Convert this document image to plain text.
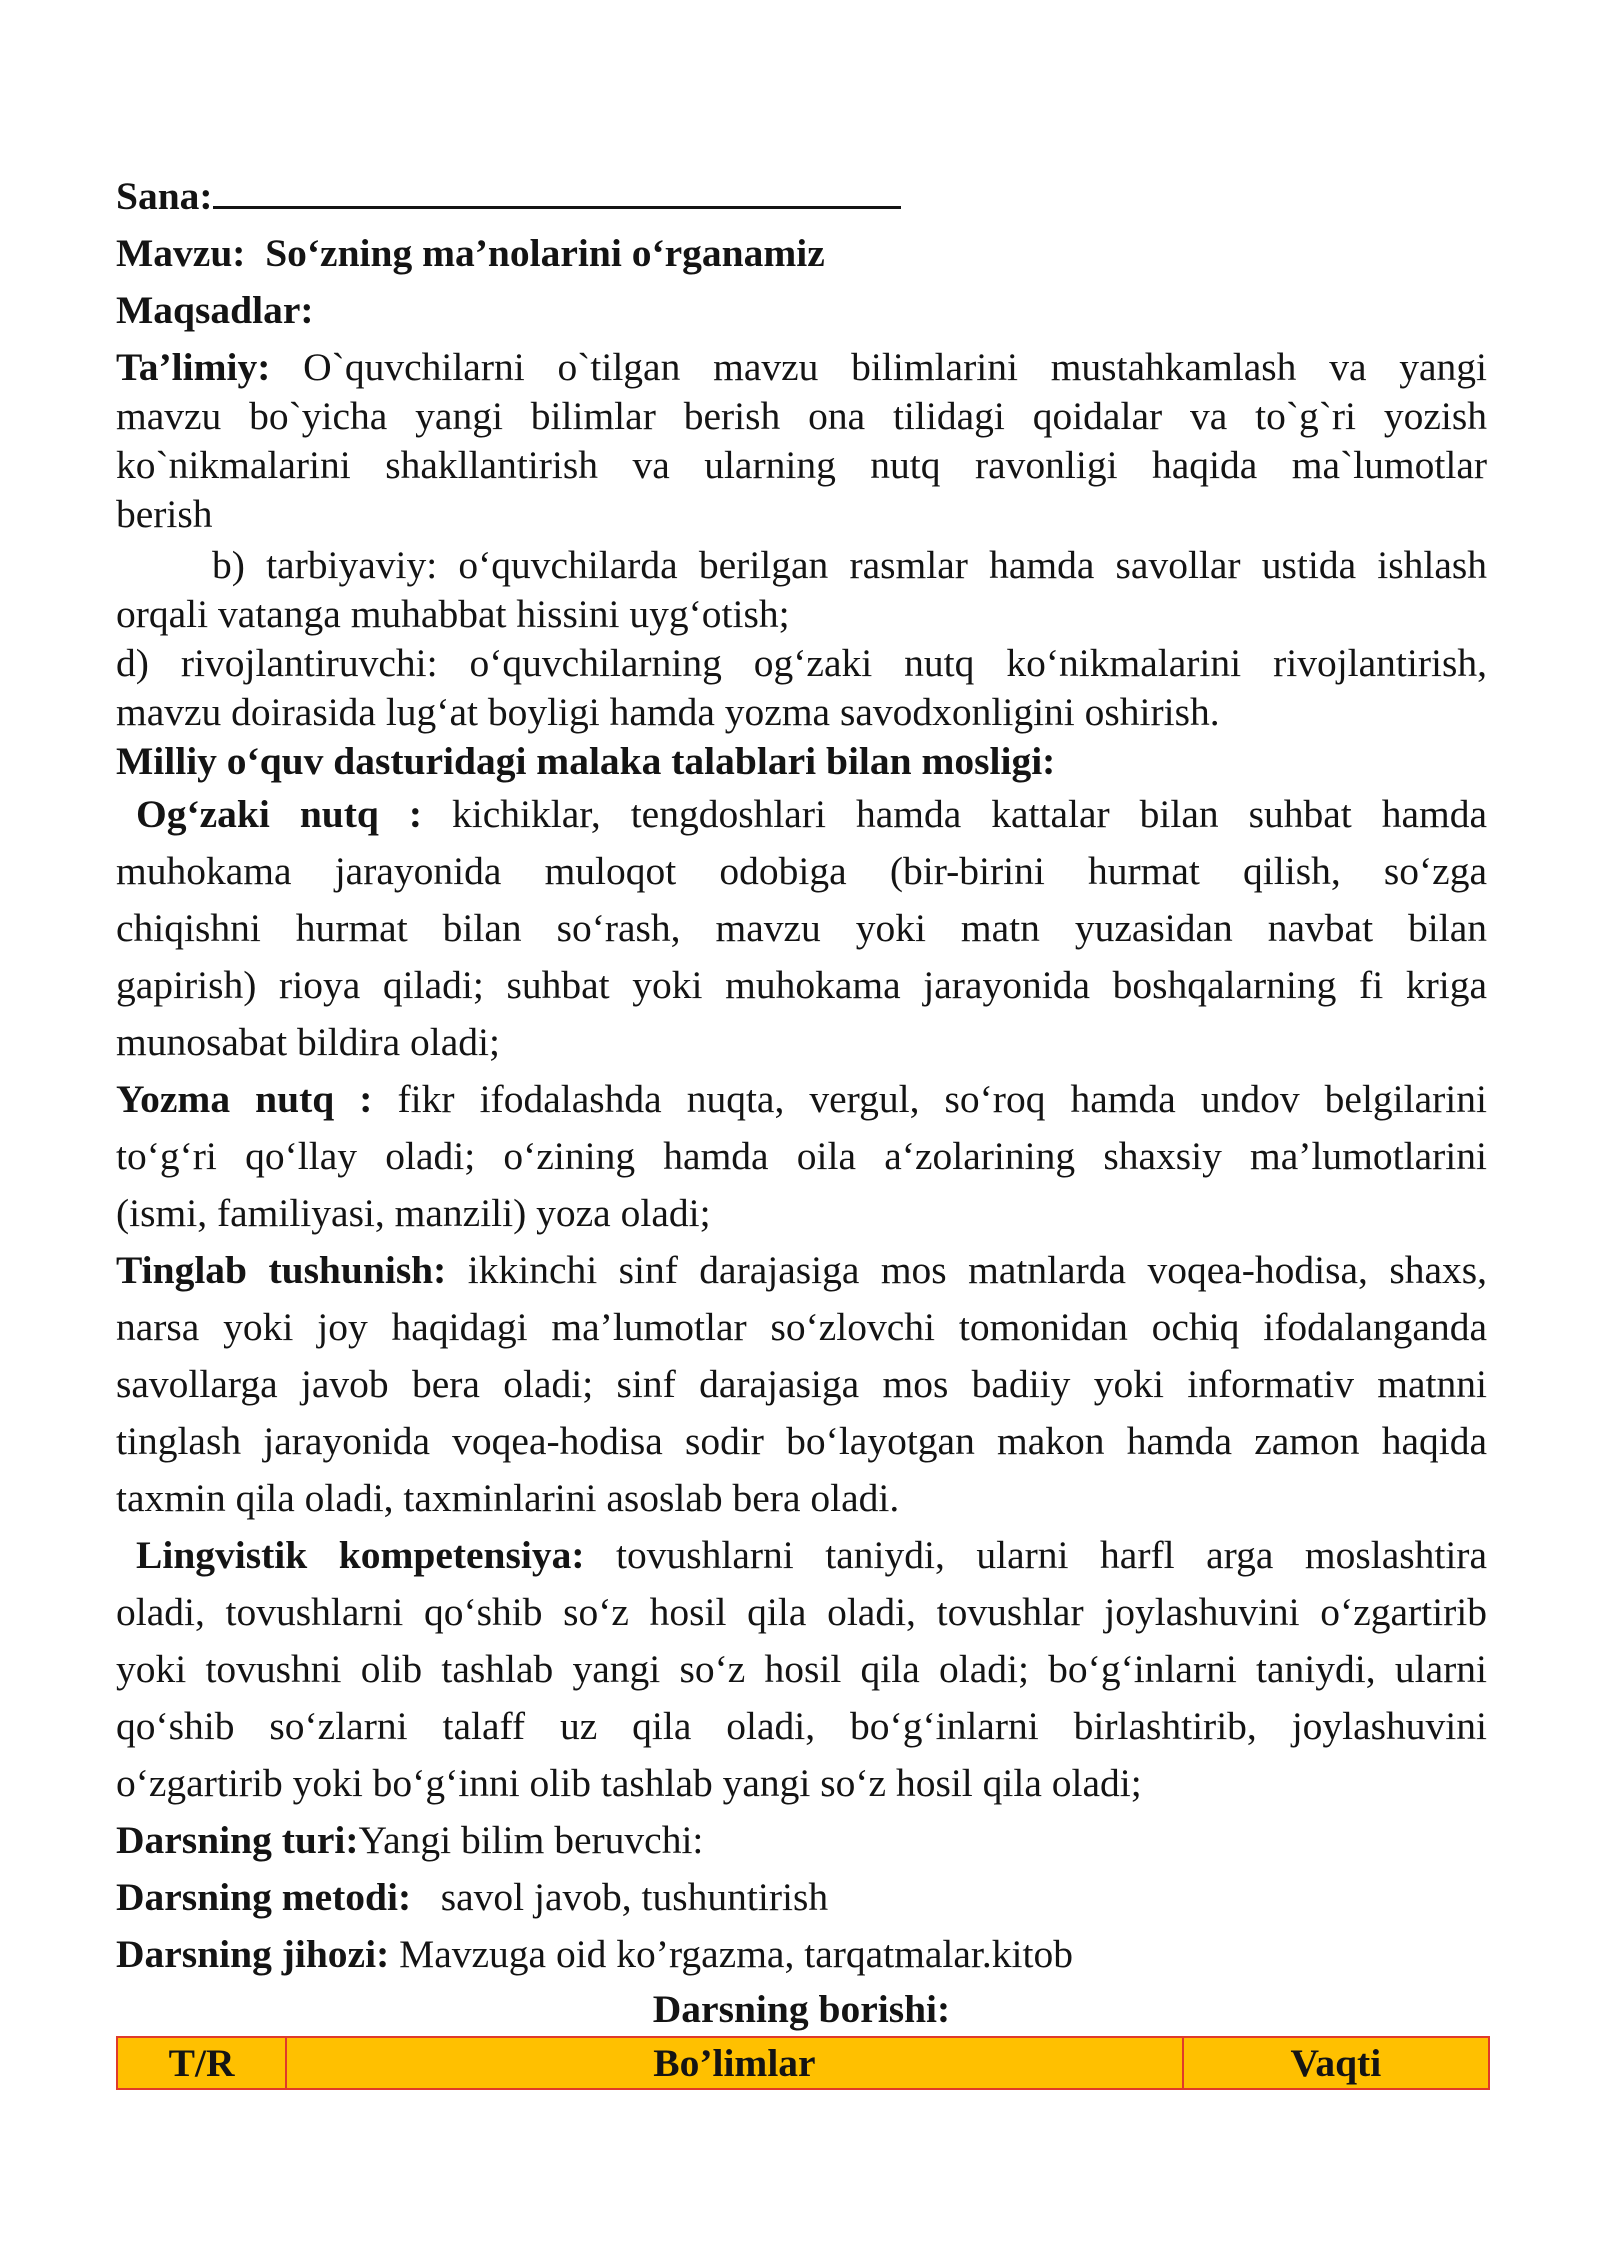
Sana:

Mavzu: So‘zning ma’nolarini o‘rganamiz

Maqsadlar:

Ta’limiy: O`quvchilarni o`tilgan mavzu bilimlarini mustahkamlash va yangi
mavzu bo`yicha yangi bilimlar berish ona tilidagi qoidalar va to`g`ri yozish
ko`nikmalarini shakllantirish va ularning nutq ravonligi haqida ma`lumotlar
berish
b) tarbiyaviy: o‘quvchilarda berilgan rasmlar hamda savollar ustida ishlash
orqali vatanga muhabbat hissini uyg‘otish;
d) rivojlantiruvchi: o‘quvchilarning og‘zaki nutq ko‘nikmalarini rivojlantirish,
mavzu doirasida lug‘at boyligi hamda yozma savodxonligini oshirish.
Milliy o‘quv dasturidagi malaka talablari bilan mosligi:
Og‘zaki nutq : kichiklar, tengdoshlari hamda kattalar bilan suhbat hamda
muhokama jarayonida muloqot odobiga (bir-birini hurmat qilish, so‘zga
chiqishni hurmat bilan so‘rash, mavzu yoki matn yuzasidan navbat bilan
gapirish) rioya qiladi; suhbat yoki muhokama jarayonida boshqalarning fi kriga
munosabat bildira oladi;
Yozma nutq : fikr ifodalashda nuqta, vergul, so‘roq hamda undov belgilarini
to‘g‘ri qo‘llay oladi; o‘zining hamda oila a‘zolarining shaxsiy ma’lumotlarini
(ismi, familiyasi, manzili) yoza oladi;
Tinglab tushunish: ikkinchi sinf darajasiga mos matnlarda voqea-hodisa, shaxs,
narsa yoki joy haqidagi ma’lumotlar so‘zlovchi tomonidan ochiq ifodalanganda
savollarga javob bera oladi; sinf darajasiga mos badiiy yoki informativ matnni
tinglash jarayonida voqea-hodisa sodir bo‘layotgan makon hamda zamon haqida
taxmin qila oladi, taxminlarini asoslab bera oladi.
Lingvistik kompetensiya: tovushlarni taniydi, ularni harfl arga moslashtira
oladi, tovushlarni qo‘shib so‘z hosil qila oladi, tovushlar joylashuvini o‘zgartirib
yoki tovushni olib tashlab yangi so‘z hosil qila oladi; bo‘g‘inlarni taniydi, ularni
qo‘shib so‘zlarni talaff uz qila oladi, bo‘g‘inlarni birlashtirib, joylashuvini
o‘zgartirib yoki bo‘g‘inni olib tashlab yangi so‘z hosil qila oladi;
Darsning turi:Yangi bilim beruvchi:
Darsning metodi: savol javob, tushuntirish
Darsning jihozi: Mavzuga oid ko’rgazma, tarqatmalar.kitob
Darsning borishi:
T/R	Bo’limlar	Vaqti
